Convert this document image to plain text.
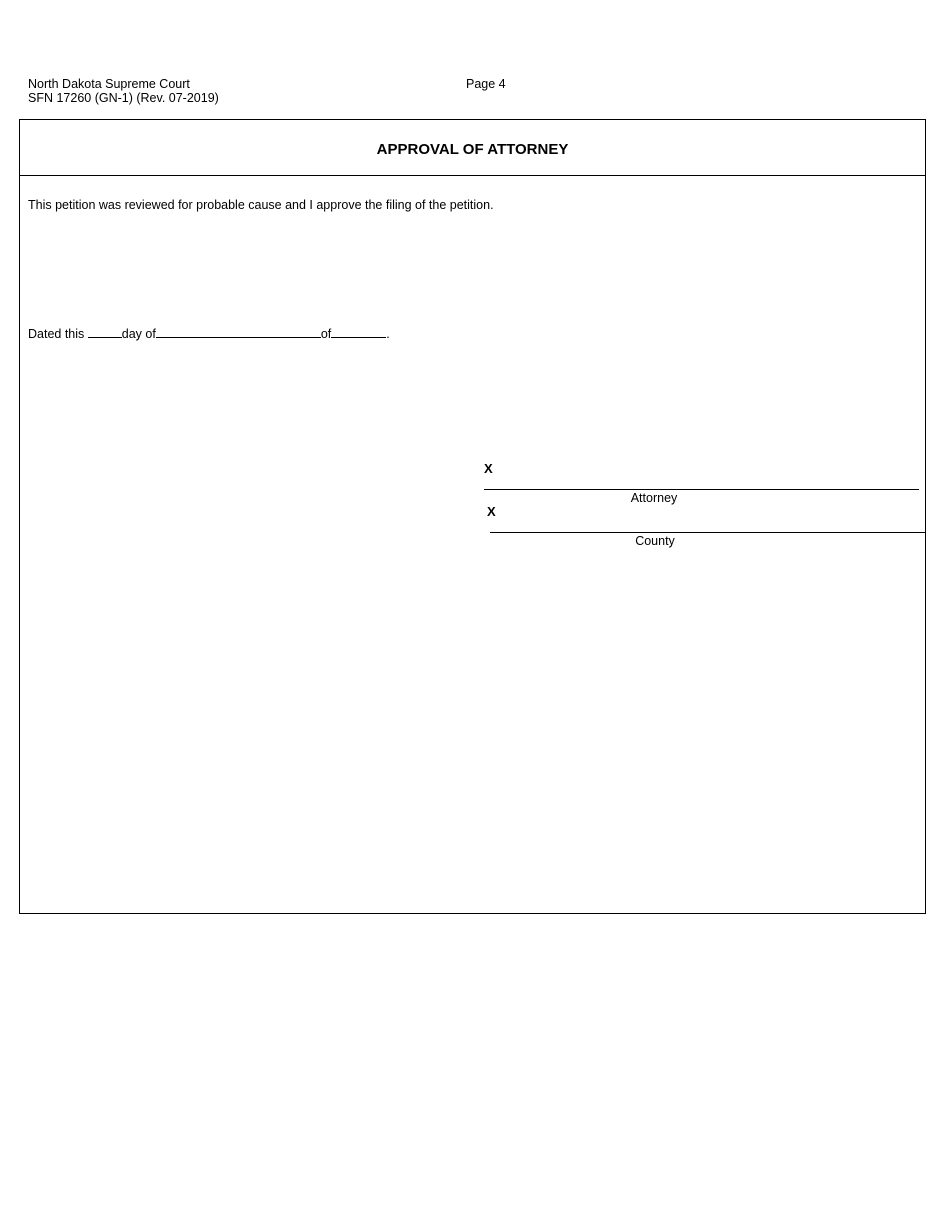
North Dakota Supreme Court
SFN 17260 (GN-1) (Rev. 07-2019)
Page 4
APPROVAL OF ATTORNEY
This petition was reviewed for probable cause and I approve the filing of the petition.
Dated this	day of	of	.
X
Attorney
X
County
